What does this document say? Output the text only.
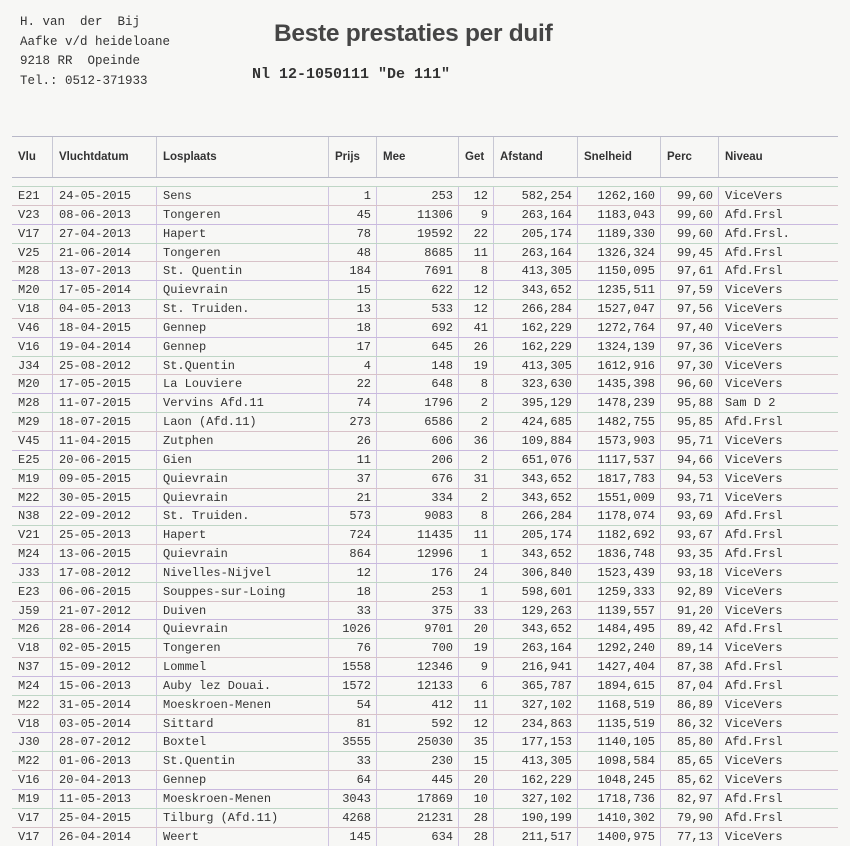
H. van  der  Bij
Aafke v/d heideloane
9218 RR  Opeinde
Tel.: 0512-371933
Beste prestaties per duif
Nl 12-1050111 "De 111"
Vlu	Vluchtdatum	Losplaats	Prijs	Mee	Get	Afstand	Snelheid	Perc	Niveau
E21	24-05-2015	Sens	1	253	12	582,254	1262,160	99,60	ViceVers
V23	08-06-2013	Tongeren	45	11306	9	263,164	1183,043	99,60	Afd.Frsl
V17	27-04-2013	Hapert	78	19592	22	205,174	1189,330	99,60	Afd.Frsl.
V25	21-06-2014	Tongeren	48	8685	11	263,164	1326,324	99,45	Afd.Frsl
M28	13-07-2013	St. Quentin	184	7691	8	413,305	1150,095	97,61	Afd.Frsl
M20	17-05-2014	Quievrain	15	622	12	343,652	1235,511	97,59	ViceVers
V18	04-05-2013	St. Truiden.	13	533	12	266,284	1527,047	97,56	ViceVers
V46	18-04-2015	Gennep	18	692	41	162,229	1272,764	97,40	ViceVers
V16	19-04-2014	Gennep	17	645	26	162,229	1324,139	97,36	ViceVers
J34	25-08-2012	St.Quentin	4	148	19	413,305	1612,916	97,30	ViceVers
M20	17-05-2015	La Louviere	22	648	8	323,630	1435,398	96,60	ViceVers
M28	11-07-2015	Vervins Afd.11	74	1796	2	395,129	1478,239	95,88	Sam D 2
M29	18-07-2015	Laon (Afd.11)	273	6586	2	424,685	1482,755	95,85	Afd.Frsl
V45	11-04-2015	Zutphen	26	606	36	109,884	1573,903	95,71	ViceVers
E25	20-06-2015	Gien	11	206	2	651,076	1117,537	94,66	ViceVers
M19	09-05-2015	Quievrain	37	676	31	343,652	1817,783	94,53	ViceVers
M22	30-05-2015	Quievrain	21	334	2	343,652	1551,009	93,71	ViceVers
N38	22-09-2012	St. Truiden.	573	9083	8	266,284	1178,074	93,69	Afd.Frsl
V21	25-05-2013	Hapert	724	11435	11	205,174	1182,692	93,67	Afd.Frsl
M24	13-06-2015	Quievrain	864	12996	1	343,652	1836,748	93,35	Afd.Frsl
J33	17-08-2012	Nivelles-Nijvel	12	176	24	306,840	1523,439	93,18	ViceVers
E23	06-06-2015	Souppes-sur-Loing	18	253	1	598,601	1259,333	92,89	ViceVers
J59	21-07-2012	Duiven	33	375	33	129,263	1139,557	91,20	ViceVers
M26	28-06-2014	Quievrain	1026	9701	20	343,652	1484,495	89,42	Afd.Frsl
V18	02-05-2015	Tongeren	76	700	19	263,164	1292,240	89,14	ViceVers
N37	15-09-2012	Lommel	1558	12346	9	216,941	1427,404	87,38	Afd.Frsl
M24	15-06-2013	Auby lez Douai.	1572	12133	6	365,787	1894,615	87,04	Afd.Frsl
M22	31-05-2014	Moeskroen-Menen	54	412	11	327,102	1168,519	86,89	ViceVers
V18	03-05-2014	Sittard	81	592	12	234,863	1135,519	86,32	ViceVers
J30	28-07-2012	Boxtel	3555	25030	35	177,153	1140,105	85,80	Afd.Frsl
M22	01-06-2013	St.Quentin	33	230	15	413,305	1098,584	85,65	ViceVers
V16	20-04-2013	Gennep	64	445	20	162,229	1048,245	85,62	ViceVers
M19	11-05-2013	Moeskroen-Menen	3043	17869	10	327,102	1718,736	82,97	Afd.Frsl
V17	25-04-2015	Tilburg (Afd.11)	4268	21231	28	190,199	1410,302	79,90	Afd.Frsl
V17	26-04-2014	Weert	145	634	28	211,517	1400,975	77,13	ViceVers
